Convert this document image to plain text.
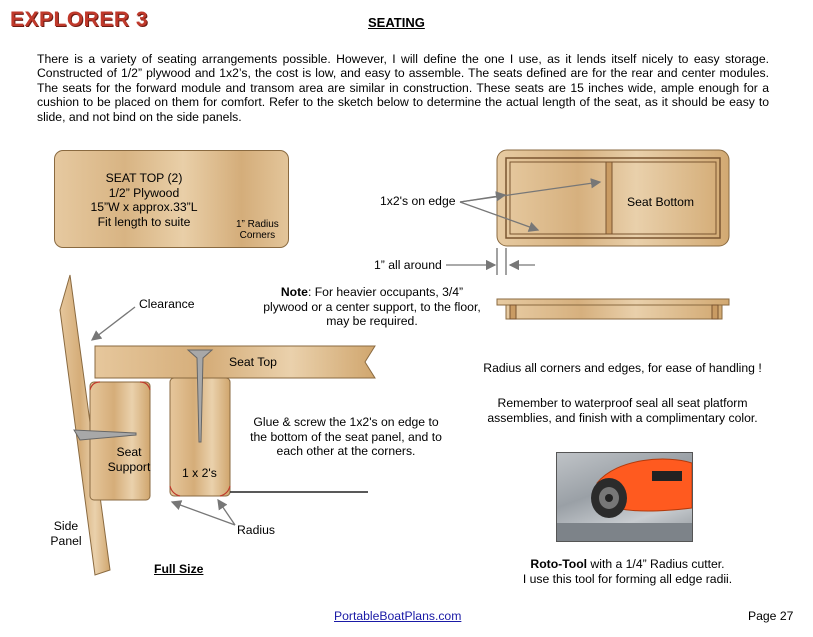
EXPLORER 3	SEATING
There is a variety of seating arrangements possible. However, I will define the one I use, as it lends itself nicely to easy storage. Constructed of 1/2” plywood and 1x2’s, the cost is low, and easy to assemble. The seats defined are for the rear and center modules. The seats for the forward module and transom area are similar in construction. These seats are 15 inches wide, ample enough for a cushion to be placed on them for comfort. Refer to the sketch below to determine the actual length of the seat, as it should be easy to slide, and not bind on the side panels.
SEAT TOP (2)
1/2” Plywood
15”W x approx.33”L
Fit length to suite	1” Radius
Corners
1x2's on edge	Seat Bottom
1” all around
Note: For heavier occupants, 3/4” plywood or a center support, to the floor, may be required.
Clearance
Seat Top
Seat
Support	1 x 2's
Side
Panel
Radius
Full Size
Glue & screw the 1x2's on edge to the bottom of the seat panel, and to each other at the corners.
Radius all corners and edges, for ease of handling !
Remember to waterproof seal all seat platform assemblies, and finish with a complimentary color.
Roto-Tool with a 1/4” Radius cutter.
I use this tool for forming all edge radii.
PortableBoatPlans.com	Page 27
